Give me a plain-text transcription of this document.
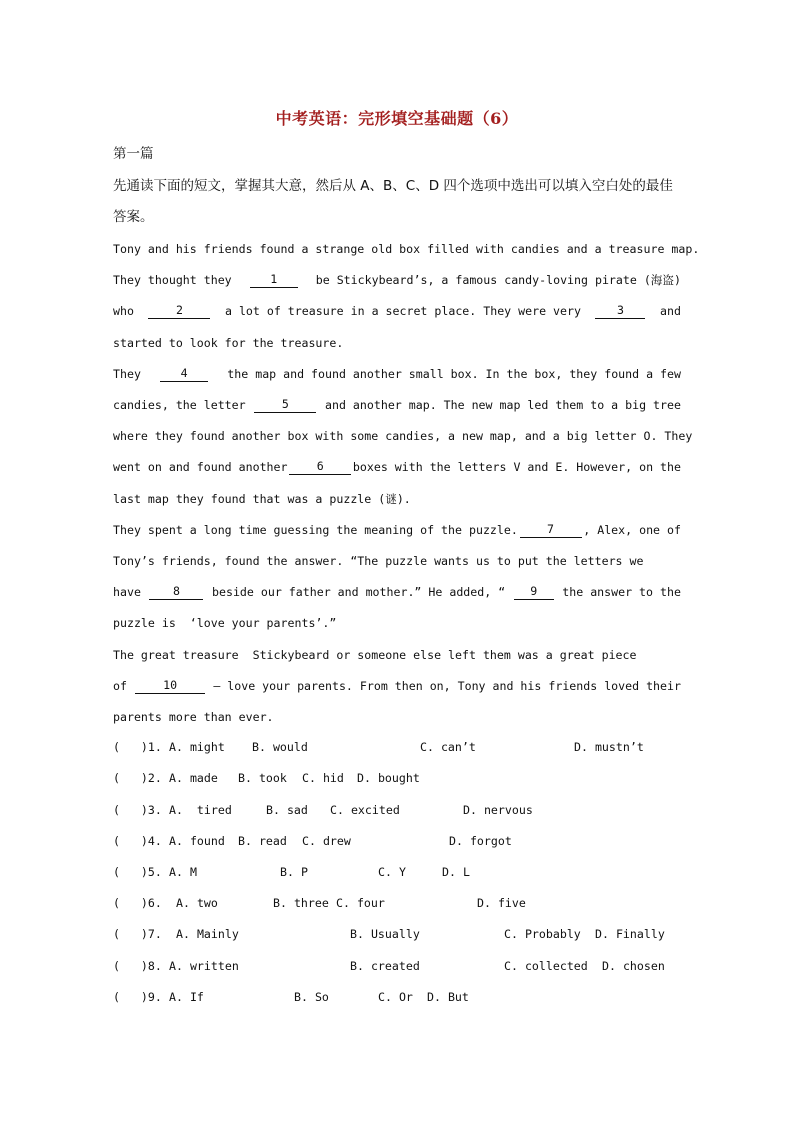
中考英语：完形填空基础题（6）
第一篇
先通读下面的短文，掌握其大意，然后从 A、B、C、D 四个选项中选出可以填入空白处的最佳
答案。
Tony and his friends found a strange old box filled with candies and a treasure map.
They thought they	1	be Stickybeard’s, a famous candy-loving pirate (海盗)
who	2	a lot of treasure in a secret place. They were very	3	and
started to look for the treasure.
They	4	the map and found another small box. In the box, they found a few
candies, the letter	5	and another map. The new map led them to a big tree
where they found another box with some candies, a new map, and a big letter O. They
went on and found another	6	boxes with the letters V and E. However, on the
last map they found that was a puzzle (谜).
They spent a long time guessing the meaning of the puzzle.	7	, Alex, one of
Tony’s friends, found the answer. “The puzzle wants us to put the letters we
have	8	beside our father and mother.” He added, “	9	the answer to the
puzzle is  ‘love your parents’.”
The great treasure  Stickybeard or someone else left them was a great piece
of	10	— love your parents. From then on, Tony and his friends loved their
parents more than ever.
(   )1. A. might B. would	C. can’t	D. mustn’t
(   )2. A. made B. took C. hid D. bought
(   )3. A.  tired	B. sad C. excited	D. nervous
(   )4. A. found B. read C. drew	D. forgot
(   )5. A. M	B. P	C. Y	D. L
(   )6. A. two	B. three C. four	D. five
(   )7. A. Mainly	B. Usually	C. Probably D. Finally
(   )8. A. written	B. created	C. collected D. chosen
(   )9. A. If	B. So	C. Or D. But
